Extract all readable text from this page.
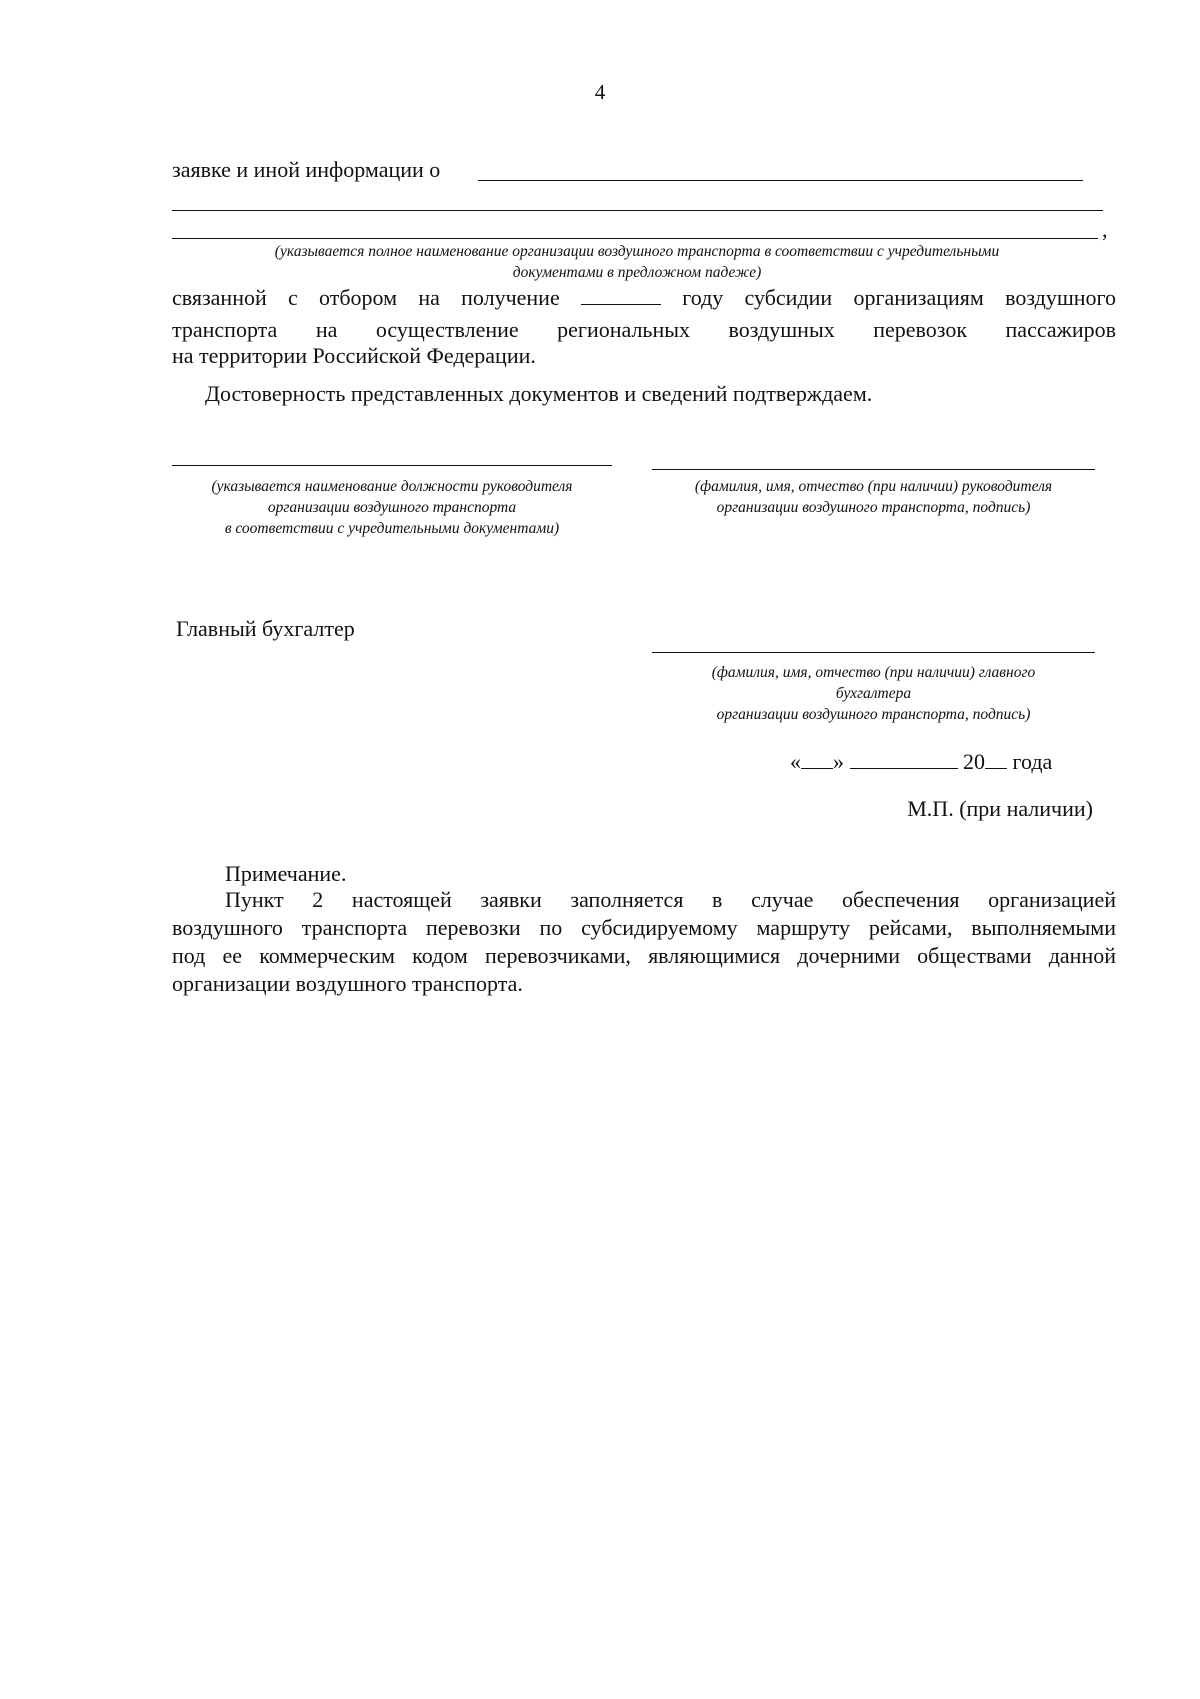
4
заявке и иной информации о
,
(указывается полное наименование организации воздушного транспорта в соответствии с учредительными
документами в предложном падеже)
связанной с отбором на получение	году субсидии организациям воздушного
транспорта на осуществление региональных воздушных перевозок пассажиров
на территории Российской Федерации.
Достоверность представленных документов и сведений подтверждаем.
(указывается наименование должности руководителя
организации воздушного транспорта
в соответствии с учредительными документами)
(фамилия, имя, отчество (при наличии) руководителя
организации воздушного транспорта, подпись)
Главный бухгалтер
(фамилия, имя, отчество (при наличии) главного
бухгалтера
организации воздушного транспорта, подпись)
« »	20 года
М.П. (при наличии)
Примечание.
Пункт 2 настоящей заявки заполняется в случае обеспечения организацией
воздушного транспорта перевозки по субсидируемому маршруту рейсами, выполняемыми
под ее коммерческим кодом перевозчиками, являющимися дочерними обществами данной
организации воздушного транспорта.
